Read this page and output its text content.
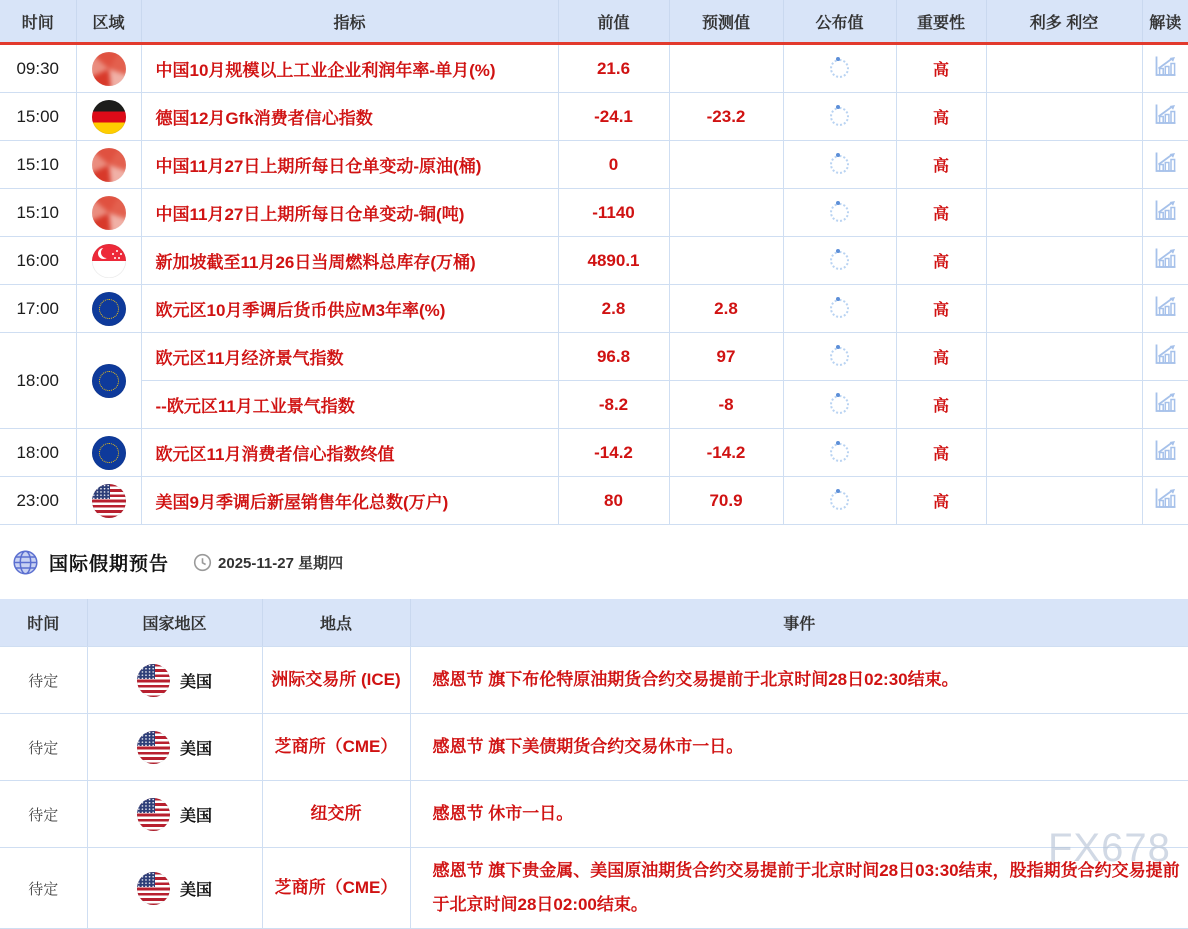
时间	区域	指标	前值	预测值	公布值	重要性	利多 利空	解读
09:30		中国10月规模以上工业企业利润年率-单月(%)	21.6			高		
15:00		德国12月Gfk消费者信心指数	-24.1	-23.2		高		
15:10		中国11月27日上期所每日仓单变动-原油(桶)	0			高		
15:10		中国11月27日上期所每日仓单变动-铜(吨)	-1140			高		
16:00		新加坡截至11月26日当周燃料总库存(万桶)	4890.1			高		
17:00		欧元区10月季调后货币供应M3年率(%)	2.8	2.8		高		
18:00		欧元区11月经济景气指数	96.8	97		高		
		--欧元区11月工业景气指数	-8.2	-8		高		
18:00		欧元区11月消费者信心指数终值	-14.2	-14.2		高		
23:00		美国9月季调后新屋销售年化总数(万户)	80	70.9		高		
国际假期预告	2025-11-27 星期四
时间	国家地区	地点	事件
待定	美国	洲际交易所 (ICE)	感恩节 旗下布伦特原油期货合约交易提前于北京时间28日02:30结束。
待定	美国	芝商所（CME）	感恩节 旗下美债期货合约交易休市一日。
待定	美国	纽交所	感恩节 休市一日。
待定	美国	芝商所（CME）	感恩节 旗下贵金属、美国原油期货合约交易提前于北京时间28日03:30结束，股指期货合约交易提前于北京时间28日02:00结束。
FX678
